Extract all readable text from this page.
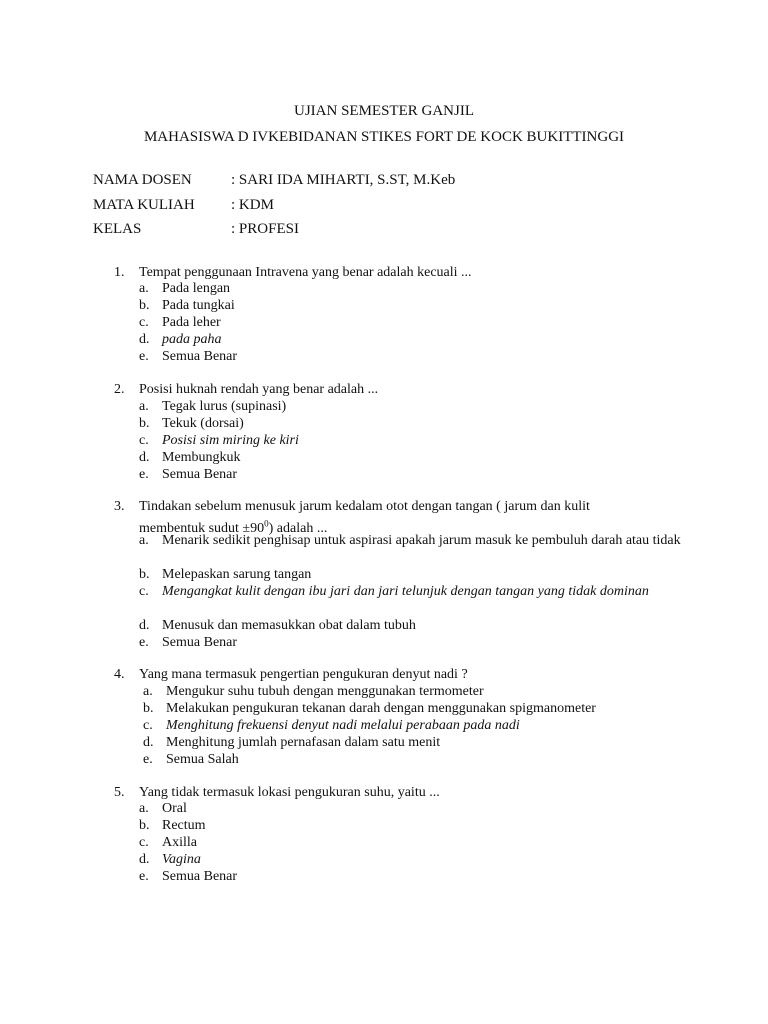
UJIAN SEMESTER GANJIL
MAHASISWA D IVKEBIDANAN STIKES FORT DE KOCK BUKITTINGGI
NAMA DOSEN	: SARI IDA MIHARTI, S.ST, M.Keb
MATA KULIAH : KDM
KELAS	: PROFESI
1. Tempat penggunaan Intravena yang benar adalah kecuali ...
a. Pada lengan
b. Pada tungkai
c. Pada leher
d. pada paha
e. Semua Benar
2. Posisi huknah rendah yang benar adalah ...
a. Tegak lurus (supinasi)
b. Tekuk (dorsai)
c. Posisi sim miring ke kiri
d. Membungkuk
e. Semua Benar
3. Tindakan sebelum menusuk jarum kedalam otot dengan tangan ( jarum dan kulit
membentuk sudut $\pm 90^0$) adalah ...
a. Menarik sedikit penghisap untuk aspirasi apakah jarum masuk ke pembuluh darah atau tidak
b. Melepaskan sarung tangan
c. Mengangkat kulit dengan ibu jari dan jari telunjuk dengan tangan yang tidak dominan
d. Menusuk dan memasukkan obat dalam tubuh
e. Semua Benar
4. Yang mana termasuk pengertian pengukuran denyut nadi ?
a. Mengukur suhu tubuh dengan menggunakan termometer
b. Melakukan pengukuran tekanan darah dengan menggunakan spigmanometer
c. Menghitung frekuensi denyut nadi melalui perabaan pada nadi
d. Menghitung jumlah pernafasan dalam satu menit
e. Semua Salah
5. Yang tidak termasuk lokasi pengukuran suhu, yaitu ...
a. Oral
b. Rectum
c. Axilla
d. Vagina
e. Semua Benar
